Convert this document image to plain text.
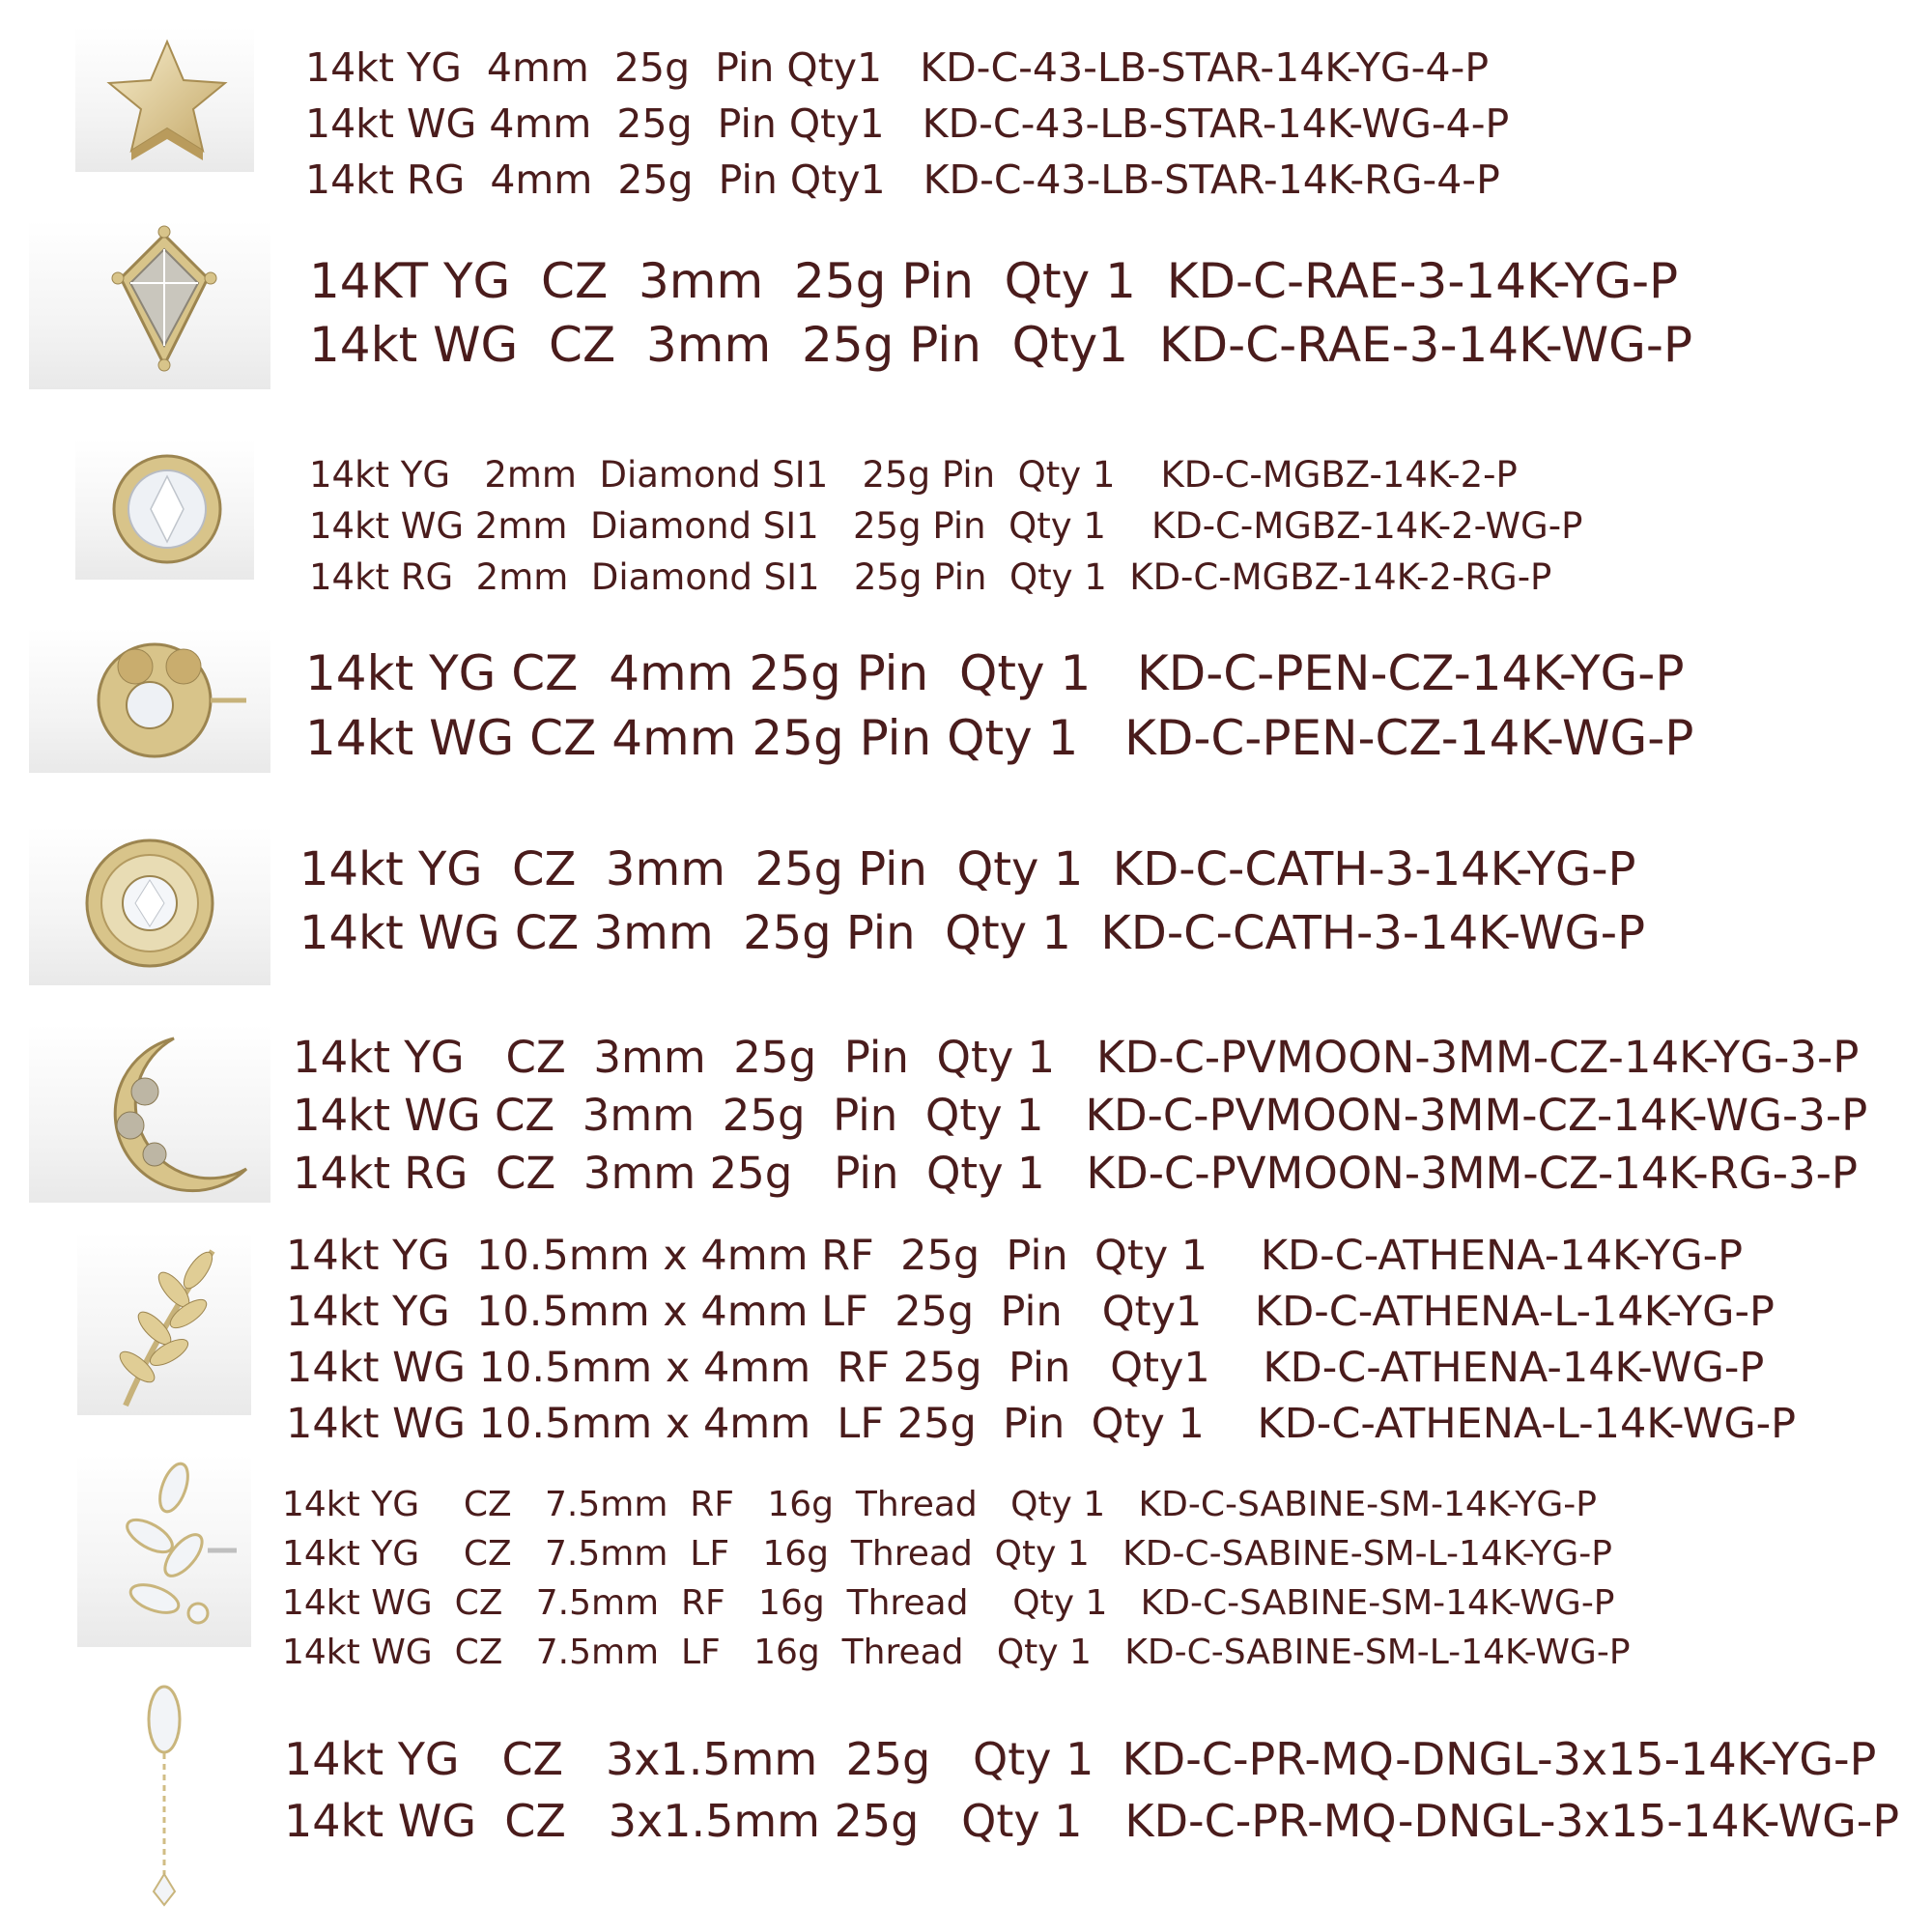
14kt YG  4mm  25g  Pin Qty1   KD-C-43-LB-STAR-14K-YG-4-P

14kt WG 4mm  25g  Pin Qty1   KD-C-43-LB-STAR-14K-WG-4-P

14kt RG  4mm  25g  Pin Qty1   KD-C-43-LB-STAR-14K-RG-4-P

14KT YG  CZ  3mm  25g Pin  Qty 1  KD-C-RAE-3-14K-YG-P

14kt WG  CZ  3mm  25g Pin  Qty1  KD-C-RAE-3-14K-WG-P

14kt YG   2mm  Diamond SI1   25g Pin  Qty 1    KD-C-MGBZ-14K-2-P

14kt WG 2mm  Diamond SI1   25g Pin  Qty 1    KD-C-MGBZ-14K-2-WG-P

14kt RG  2mm  Diamond SI1   25g Pin  Qty 1  KD-C-MGBZ-14K-2-RG-P

14kt YG CZ  4mm 25g Pin  Qty 1   KD-C-PEN-CZ-14K-YG-P

14kt WG CZ 4mm 25g Pin Qty 1   KD-C-PEN-CZ-14K-WG-P

14kt YG  CZ  3mm  25g Pin  Qty 1  KD-C-CATH-3-14K-YG-P

14kt WG CZ 3mm  25g Pin  Qty 1  KD-C-CATH-3-14K-WG-P

14kt YG   CZ  3mm  25g  Pin  Qty 1   KD-C-PVMOON-3MM-CZ-14K-YG-3-P

14kt WG CZ  3mm  25g  Pin  Qty 1   KD-C-PVMOON-3MM-CZ-14K-WG-3-P

14kt RG  CZ  3mm 25g   Pin  Qty 1   KD-C-PVMOON-3MM-CZ-14K-RG-3-P

14kt YG  10.5mm x 4mm RF  25g  Pin  Qty 1    KD-C-ATHENA-14K-YG-P

14kt YG  10.5mm x 4mm LF  25g  Pin   Qty1    KD-C-ATHENA-L-14K-YG-P

14kt WG 10.5mm x 4mm  RF 25g  Pin   Qty1    KD-C-ATHENA-14K-WG-P

14kt WG 10.5mm x 4mm  LF 25g  Pin  Qty 1    KD-C-ATHENA-L-14K-WG-P

14kt YG    CZ   7.5mm  RF   16g  Thread   Qty 1   KD-C-SABINE-SM-14K-YG-P

14kt YG    CZ   7.5mm  LF   16g  Thread  Qty 1   KD-C-SABINE-SM-L-14K-YG-P

14kt WG  CZ   7.5mm  RF   16g  Thread    Qty 1   KD-C-SABINE-SM-14K-WG-P

14kt WG  CZ   7.5mm  LF   16g  Thread   Qty 1   KD-C-SABINE-SM-L-14K-WG-P

14kt YG   CZ   3x1.5mm  25g   Qty 1  KD-C-PR-MQ-DNGL-3x15-14K-YG-P

14kt WG  CZ   3x1.5mm 25g   Qty 1   KD-C-PR-MQ-DNGL-3x15-14K-WG-P
